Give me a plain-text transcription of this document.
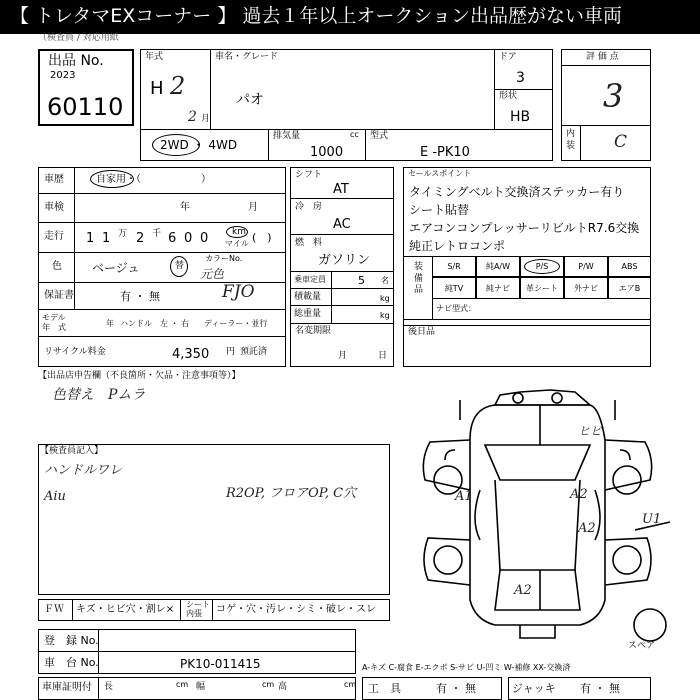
【 トレタマEXコーナー 】 過去１年以上オークション出品歴がない車両
（検査員 / 対応用紙
出品 No.
2023
60110
年式
H 2
2 月
2WD ・ 4WD
車名・グレード
パオ
ドア
3
形状
HB
排気量	cc
1000
型式
E ‐PK10
評 価 点
3
内
装 C
車歴	自家用・（　　　　　　）
車検	年	月
走行 1 1 万 2 千 6 0 0	km
マイル (　)
色	ベージュ	替
カラーNo.
元色
FJO
保証書	有 ・ 無
モデル
年　式	年 ハンドル　左 ・ 右 ディーラー・並行
リサイクル料金	4,350 円 預託済
シフト
AT
冷　房
AC
燃　料
ガソリン
乗車定員	5 名
積載量	kg
総重量	kg
名変期限
月	日
セールスポイント
タイミングベルト交換済ステッカー有り
シート貼替
エアコンコンプレッサーリビルトR7.6交換
純正レトロコンポ
装
備
品
S/R	純A/W	P/S	P/W	ABS
純TV	純ナビ	革シート	外ナビ	エアB
ナビ型式：
後日品
【出品店申告欄（不良箇所・欠品・注意事項等）】
色替え　Pムラ
【検査員記入】
ハンドルワレ
Aiu	R2OP, フロアOP, C穴	A1	A2
A2
U1
A2
ヒビ
スペア
ＦＷ キズ・ヒビ穴・割レ× シート
内張	コゲ・穴・汚レ・シミ・破レ・スレ
登　録 No.
車　台 No.	PK10-011415	A-キズ C-腐食 E-エクボ S-サビ U-凹ミ W-補修 XX-交換済
車庫証明付 長	cm 幅	cm 高	cm 工　具	有 ・ 無	ジャッキ 有 ・ 無
